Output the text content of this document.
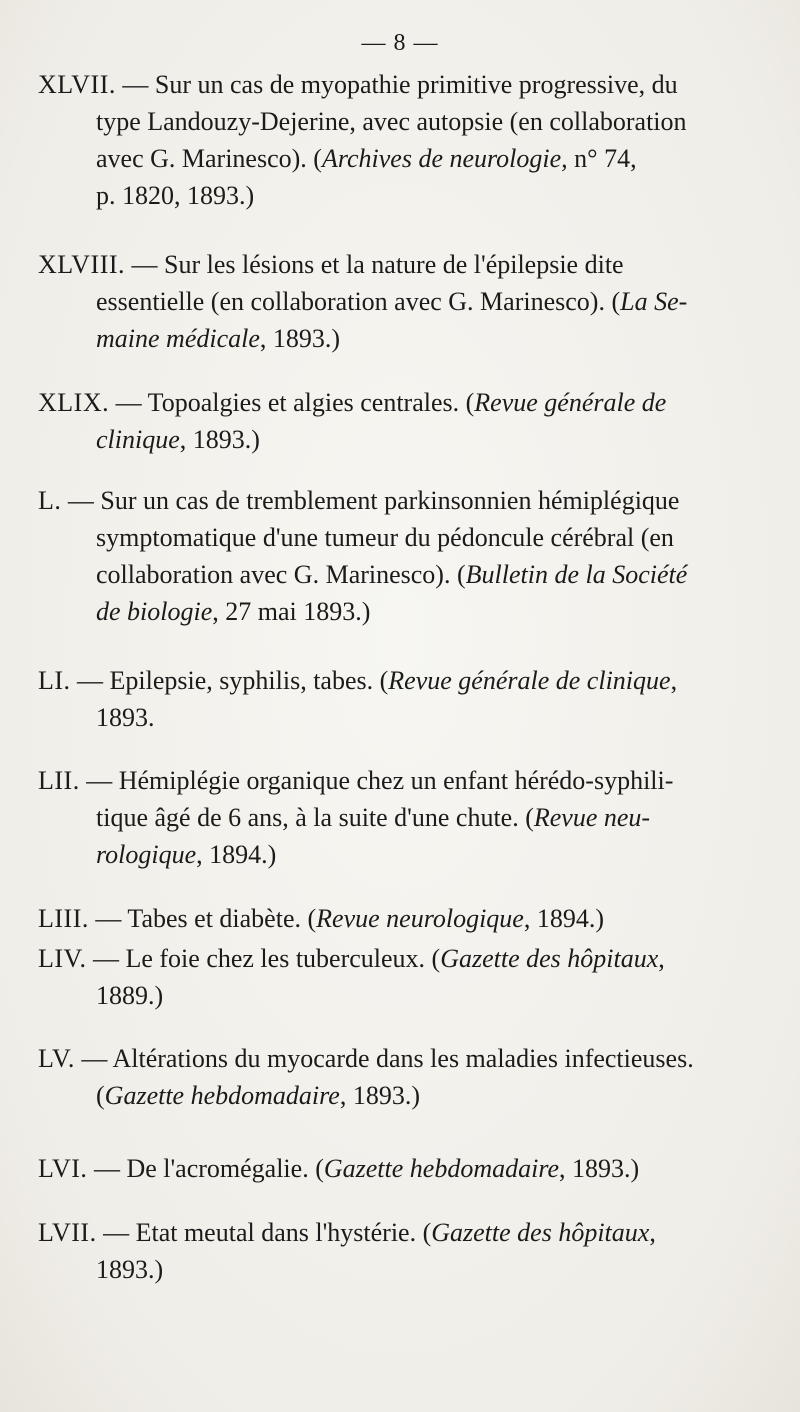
— 8 —
XLVII. — Sur un cas de myopathie primitive progressive, du
type Landouzy-Dejerine, avec autopsie (en collaboration
avec G. Marinesco). (Archives de neurologie, n° 74,
p. 1820, 1893.)
XLVIII. — Sur les lésions et la nature de l'épilepsie dite
essentielle (en collaboration avec G. Marinesco). (La Se-
maine médicale, 1893.)
XLIX. — Topoalgies et algies centrales. (Revue générale de
clinique, 1893.)
L. — Sur un cas de tremblement parkinsonnien hémiplégique
symptomatique d'une tumeur du pédoncule cérébral (en
collaboration avec G. Marinesco). (Bulletin de la Société
de biologie, 27 mai 1893.)
LI. — Epilepsie, syphilis, tabes. (Revue générale de clinique,
1893.
LII. — Hémiplégie organique chez un enfant hérédo-syphili-
tique âgé de 6 ans, à la suite d'une chute. (Revue neu-
rologique, 1894.)
LIII. — Tabes et diabète. (Revue neurologique, 1894.)
LIV. — Le foie chez les tuberculeux. (Gazette des hôpitaux,
1889.)
LV. — Altérations du myocarde dans les maladies infectieuses.
(Gazette hebdomadaire, 1893.)
LVI. — De l'acromégalie. (Gazette hebdomadaire, 1893.)
LVII. — Etat meutal dans l'hystérie. (Gazette des hôpitaux,
1893.)
